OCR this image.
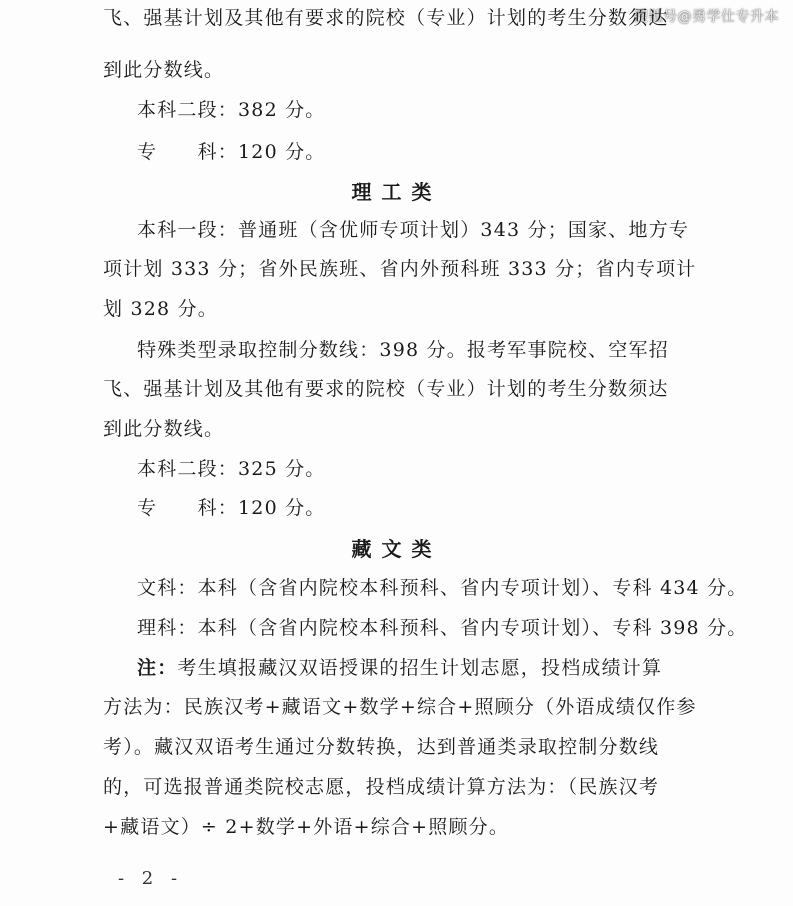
搜狐号@勇学仕专升本
飞、强基计划及其他有要求的院校（专业）计划的考生分数须达
到此分数线。
本科二段：382 分。
专　　科：120 分。
理工类
本科一段：普通班（含优师专项计划）343 分；国家、地方专
项计划 333 分；省外民族班、省内外预科班 333 分；省内专项计
划 328 分。
特殊类型录取控制分数线：398 分。报考军事院校、空军招
飞、强基计划及其他有要求的院校（专业）计划的考生分数须达
到此分数线。
本科二段：325 分。
专　　科：120 分。
藏文类
文科：本科（含省内院校本科预科、省内专项计划）、专科 434 分。
理科：本科（含省内院校本科预科、省内专项计划）、专科 398 分。
注：考生填报藏汉双语授课的招生计划志愿，投档成绩计算
方法为：民族汉考+藏语文+数学+综合+照顾分（外语成绩仅作参
考）。藏汉双语考生通过分数转换，达到普通类录取控制分数线
的，可选报普通类院校志愿，投档成绩计算方法为：（民族汉考
+藏语文）÷ 2+数学+外语+综合+照顾分。
- 2 -
